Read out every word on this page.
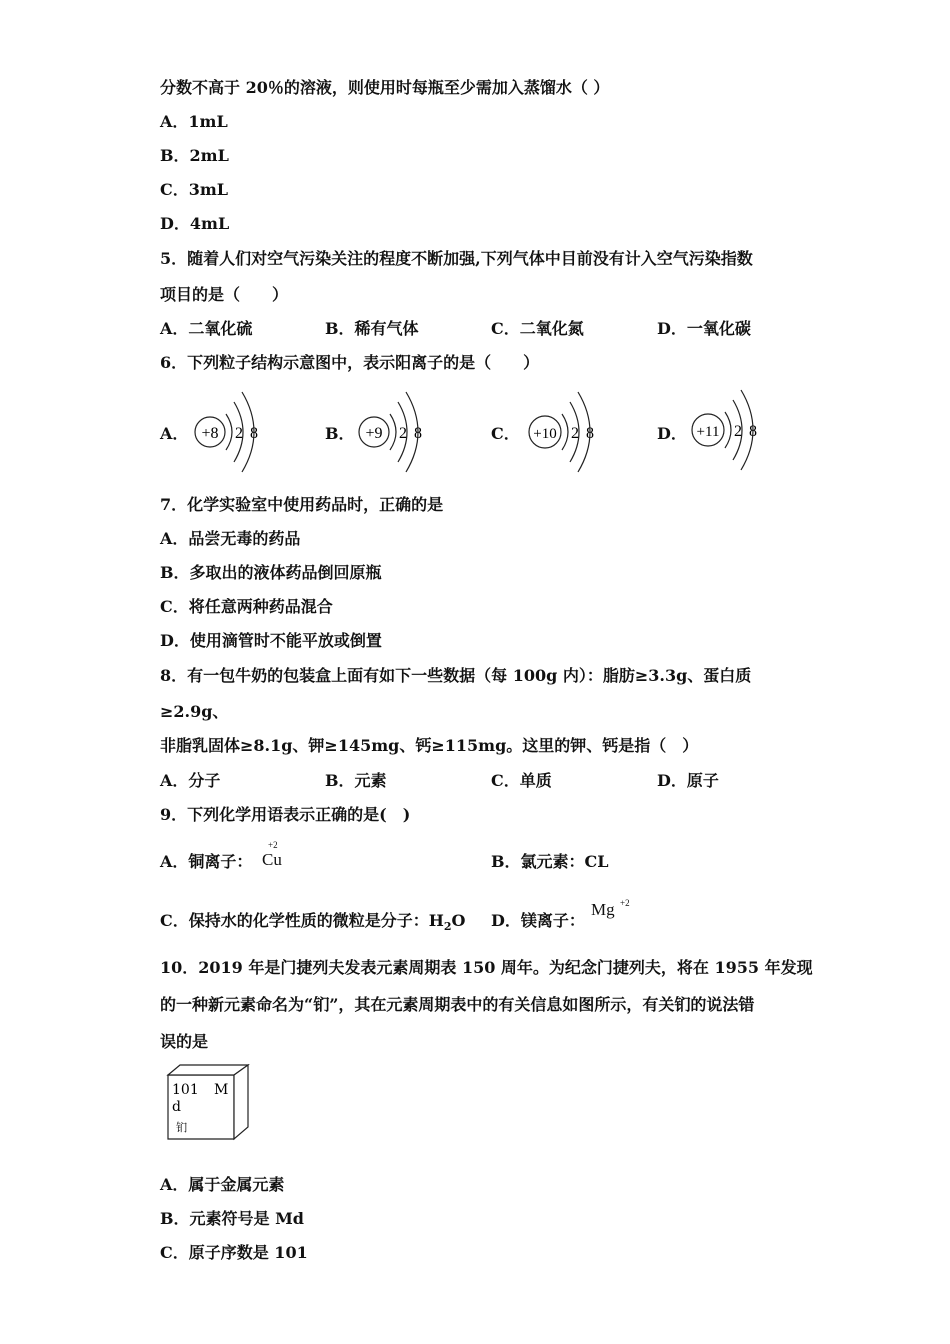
分数不高于 20％的溶液，则使用时每瓶至少需加入蒸馏水（ ）
A．1mL
B．2mL
C．3mL
D．4mL
5．随着人们对空气污染关注的程度不断加强,下列气体中目前没有计入空气污染指数
项目的是（　　）
A．二氧化硫	B．稀有气体	C．二氧化氮	D．一氧化碳
6．下列粒子结构示意图中，表示阳离子的是（　　）
A． +8 2 8	B． +9 2 8	C． +10 2 8	D． +11 2 8
7．化学实验室中使用药品时，正确的是
A．品尝无毒的药品
B．多取出的液体药品倒回原瓶
C．将任意两种药品混合
D．使用滴管时不能平放或倒置
8．有一包牛奶的包装盒上面有如下一些数据（每 100g 内）：脂肪≥3.3g、蛋白质
≥2.9g、
非脂乳固体≥8.1g、钾≥145mg、钙≥115mg。这里的钾、钙是指（　）
A．分子	B．元素	C．单质	D．原子
9．下列化学用语表示正确的是(　)
A．铜离子：
+2
Cu	B．氯元素：CL
C．保持水的化学性质的微粒是分子：$H_2O$ D．镁离子：
Mg +2
10．2019 年是门捷列夫发表元素周期表 150 周年。为纪念门捷列夫，将在 1955 年发现
的一种新元素命名为“钔”，其在元素周期表中的有关信息如图所示，有关钔的说法错
误的是
101 M
d
钔
A．属于金属元素
B．元素符号是 Md
C．原子序数是 101
